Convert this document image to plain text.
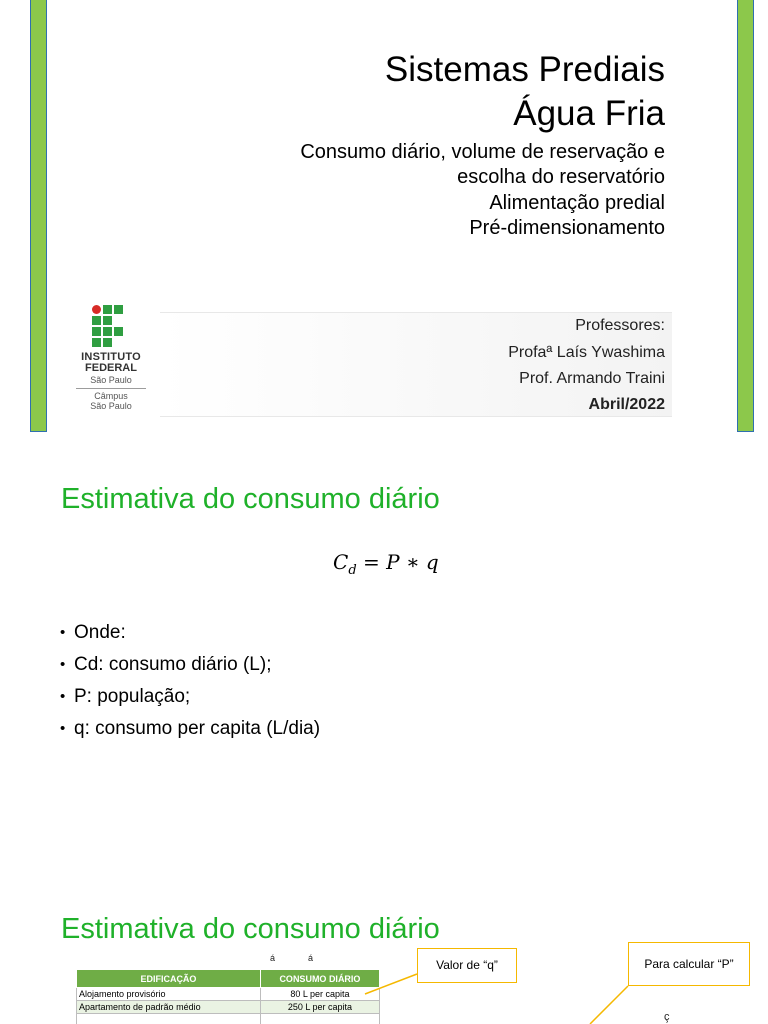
Sistemas Prediais
Água Fria
Consumo diário, volume de reservação e
escolha do reservatório
Alimentação predial
Pré-dimensionamento
INSTITUTO
FEDERAL
São Paulo
Câmpus
São Paulo
Professores:
Profaª Laís Ywashima
Prof. Armando Traini
Abril/2022
Estimativa do consumo diário
$C_d = P$ ∗ q
• Onde:
• Cd: consumo diário (L);
• P: população;
• q: consumo per capita (L/dia)
Estimativa do consumo diário
á	á
EDIFICAÇÃO	CONSUMO DIÁRIO
Alojamento provisório	80 L per capita
Apartamento de padrão médio	250 L per capita

Valor de “q”	Para calcular “P”
ç
